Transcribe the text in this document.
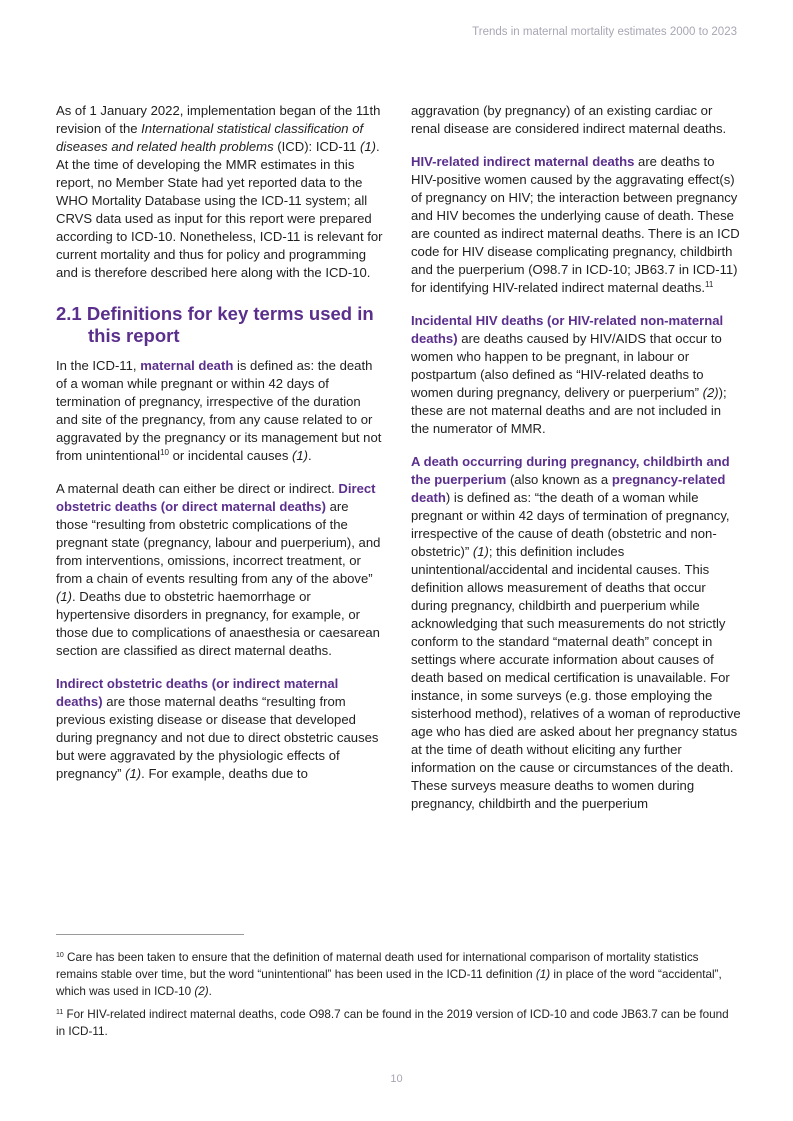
Trends in maternal mortality estimates 2000 to 2023

As of 1 January 2022, implementation began of the 11th revision of the International statistical classification of diseases and related health problems (ICD): ICD-11 (1). At the time of developing the MMR estimates in this report, no Member State had yet reported data to the WHO Mortality Database using the ICD-11 system; all CRVS data used as input for this report were prepared according to ICD-10. Nonetheless, ICD-11 is relevant for current mortality and thus for policy and programming and is therefore described here along with the ICD-10.

2.1 Definitions for key terms used in this report

In the ICD-11, maternal death is defined as: the death of a woman while pregnant or within 42 days of termination of pregnancy, irrespective of the duration and site of the pregnancy, from any cause related to or aggravated by the pregnancy or its management but not from unintentional$^{10}$ or incidental causes (1).

A maternal death can either be direct or indirect. Direct obstetric deaths (or direct maternal deaths) are those “resulting from obstetric complications of the pregnant state (pregnancy, labour and puerperium), and from interventions, omissions, incorrect treatment, or from a chain of events resulting from any of the above” (1). Deaths due to obstetric haemorrhage or hypertensive disorders in pregnancy, for example, or those due to complications of anaesthesia or caesarean section are classified as direct maternal deaths.

Indirect obstetric deaths (or indirect maternal deaths) are those maternal deaths “resulting from previous existing disease or disease that developed during pregnancy and not due to direct obstetric causes but were aggravated by the physiologic effects of pregnancy” (1). For example, deaths due to

aggravation (by pregnancy) of an existing cardiac or renal disease are considered indirect maternal deaths.

HIV-related indirect maternal deaths are deaths to HIV-positive women caused by the aggravating effect(s) of pregnancy on HIV; the interaction between pregnancy and HIV becomes the underlying cause of death. These are counted as indirect maternal deaths. There is an ICD code for HIV disease complicating pregnancy, childbirth and the puerperium (O98.7 in ICD-10; JB63.7 in ICD-11) for identifying HIV-related indirect maternal deaths.$^{11}$

Incidental HIV deaths (or HIV-related non-maternal deaths) are deaths caused by HIV/AIDS that occur to women who happen to be pregnant, in labour or postpartum (also defined as “HIV-related deaths to women during pregnancy, delivery or puerperium” (2)); these are not maternal deaths and are not included in the numerator of MMR.

A death occurring during pregnancy, childbirth and the puerperium (also known as a pregnancy-related death) is defined as: “the death of a woman while pregnant or within 42 days of termination of pregnancy, irrespective of the cause of death (obstetric and non-obstetric)” (1); this definition includes unintentional/accidental and incidental causes. This definition allows measurement of deaths that occur during pregnancy, childbirth and puerperium while acknowledging that such measurements do not strictly conform to the standard “maternal death” concept in settings where accurate information about causes of death based on medical certification is unavailable. For instance, in some surveys (e.g. those employing the sisterhood method), relatives of a woman of reproductive age who has died are asked about her pregnancy status at the time of death without eliciting any further information on the cause or circumstances of the death. These surveys measure deaths to women during pregnancy, childbirth and the puerperium

$^{10}$ Care has been taken to ensure that the definition of maternal death used for international comparison of mortality statistics remains stable over time, but the word “unintentional” has been used in the ICD-11 definition (1) in place of the word “accidental”, which was used in ICD-10 (2).

$^{11}$ For HIV-related indirect maternal deaths, code O98.7 can be found in the 2019 version of ICD-10 and code JB63.7 can be found in ICD-11.

10
